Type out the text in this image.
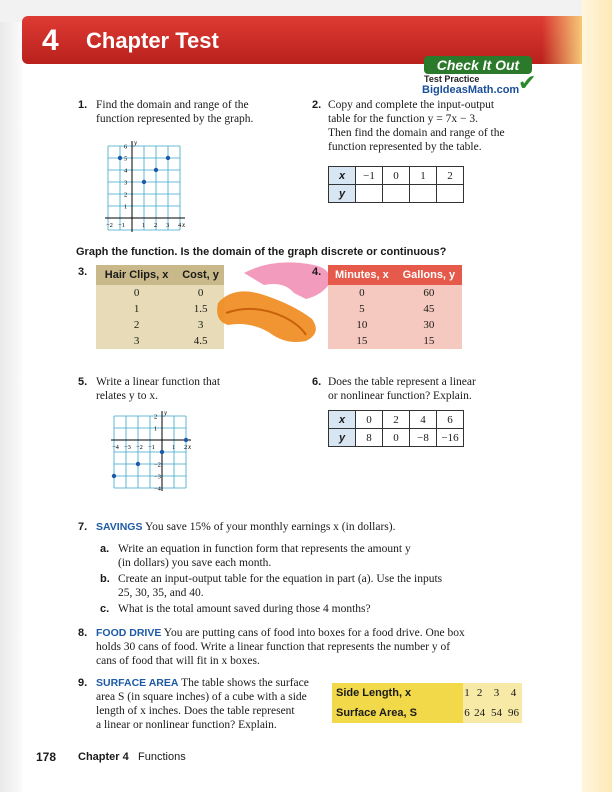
4 Chapter Test
Check It Out
Test Practice
BigIdeasMath.com
✔
1. Find the domain and range of the
function represented by the graph.
x
y
−2 −1	1 2 3 4
1
2
3
4
5
6
2. Copy and complete the input-output
table for the function y = 7x − 3.
Then find the domain and range of the
function represented by the table.
x	−1	0	1	2
y				
Graph the function. Is the domain of the graph discrete or continuous?
3. Hair Clips, x	Cost, y
0	0
1	1.5
2	3
3	4.5
4. Minutes, x	Gallons, y
0	60
5	45
10	30
15	15
5. Write a linear function that
relates y to x.
x
y
−4 −3 −2 −1	1 2
2
1
−2
−3
−4
6. Does the table represent a linear
or nonlinear function? Explain.
x	0	2	4	6
y	8	0	−8	−16
7. SAVINGS You save 15% of your monthly earnings x (in dollars).
a. Write an equation in function form that represents the amount y
(in dollars) you save each month.
b. Create an input-output table for the equation in part (a). Use the inputs
25, 30, 35, and 40.
c. What is the total amount saved during those 4 months?
8. FOOD DRIVE You are putting cans of food into boxes for a food drive. One box
holds 30 cans of food. Write a linear function that represents the number y of
cans of food that will fit in x boxes.
9. SURFACE AREA The table shows the surface
area S (in square inches) of a cube with a side
length of x inches. Does the table represent
a linear or nonlinear function? Explain.
Side Length, x	1	2	3	4
Surface Area, S	6	24	54	96
178 Chapter 4 Functions
